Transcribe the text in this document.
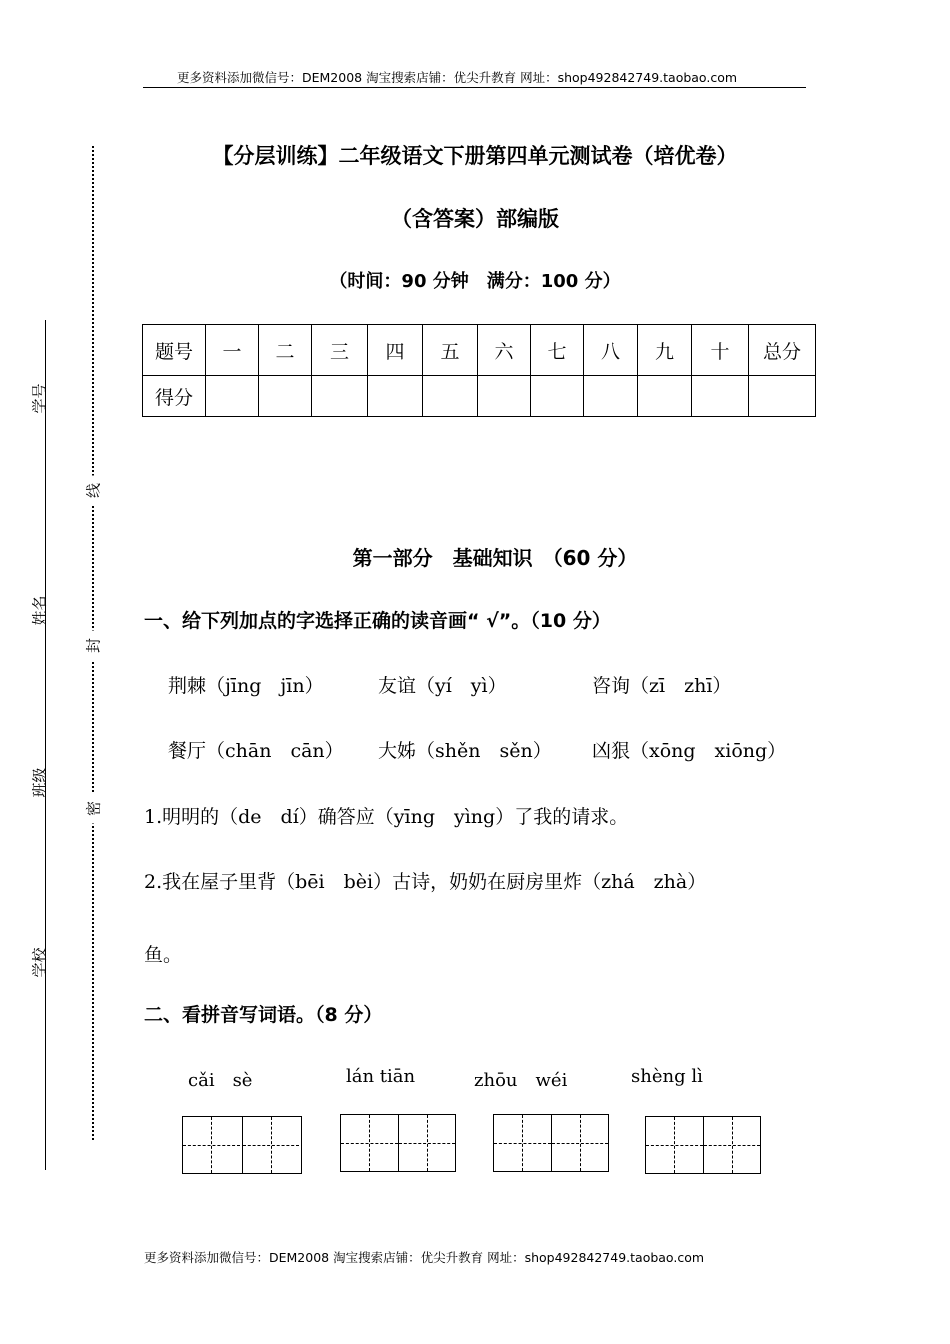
更多资料添加微信号：DEM2008 淘宝搜索店铺：优尖升教育 网址：shop492842749.taobao.com
【分层训练】二年级语文下册第四单元测试卷（培优卷）
（含答案）部编版
（时间：90 分钟　满分：100 分）
题号	一	二	三	四	五	六	七	八	九	十	总分
得分											
学号
姓名
班级
学校
线
封
密
第一部分　基础知识　（60 分）
一、给下列加点的字选择正确的读音画“ √”。（10 分）
荆棘（jīng　jīn）	友谊（yí　yì）	咨询（zī　zhī）
餐厅（chān　cān） 大姊（shěn　sěn） 凶狠（xōng　xiōng）
1.明明的（de　dí）确答应（yīng　yìng）了我的请求。
2.我在屋子里背（bēi　bèi）古诗，奶奶在厨房里炸（zhá　zhà）
鱼。
二、看拼音写词语。（8 分）
cǎi　sè	lán tiān	zhōu　wéi	shèng lì
更多资料添加微信号：DEM2008 淘宝搜索店铺：优尖升教育 网址：shop492842749.taobao.com
